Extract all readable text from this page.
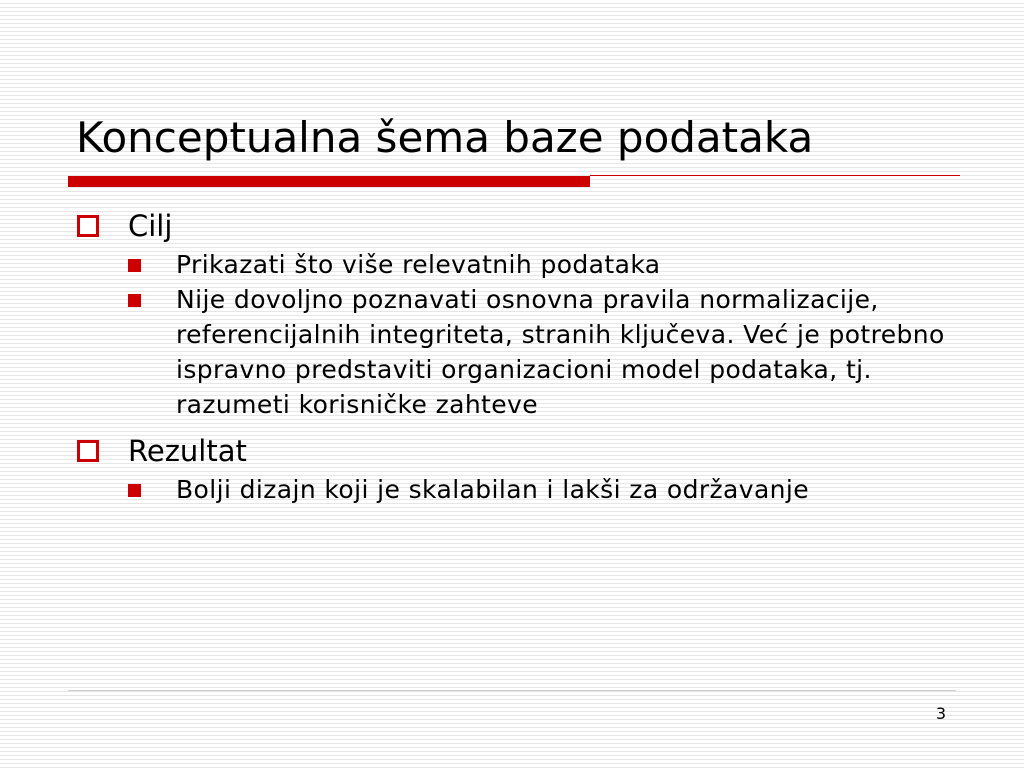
Konceptualna šema baze podataka
Cilj
Prikazati što više relevatnih podataka
Nije dovoljno poznavati osnovna pravila normalizacije, referencijalnih integriteta, stranih ključeva. Već je potrebno ispravno predstaviti organizacioni model podataka, tj. razumeti korisničke zahteve
Rezultat
Bolji dizajn koji je skalabilan i lakši za održavanje
3
